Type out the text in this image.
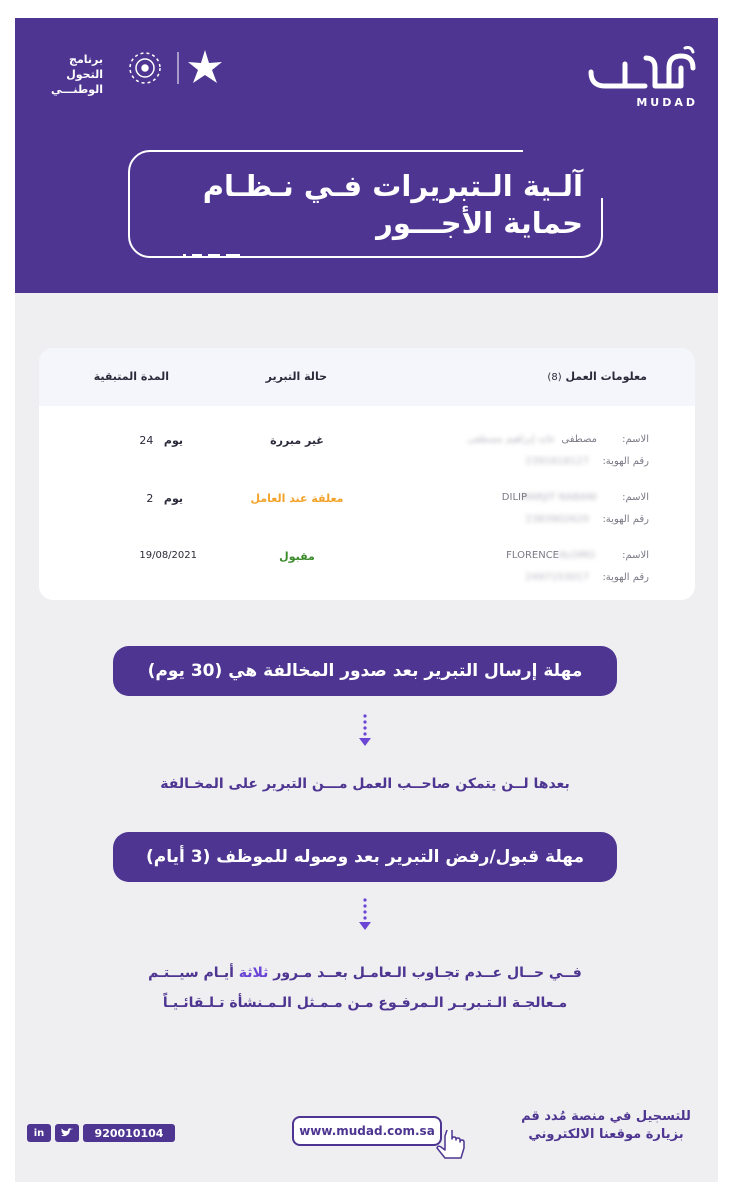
MUDAD
برنامج التحول
الوطنـــي
آلـية الـتبريرات فـي نـظـام حماية الأجـــور
معلومات العمل (8)
حالة التبرير
المدة المتبقية
الاسم:
مصطفى
عابد إبراهيم مصطفى
رقم الهوية:
2391618127
غير مبررة
يوم   24
الاسم:
MARJIT NABANI
DILIP
رقم الهوية:
2383902620
معلقة عند العامل
يوم   2
الاسم:
ALOMO
FLORENCE
رقم الهوية:
2497153017
مقبول
19/08/2021
مهلة إرسال التبرير بعد صدور المخالفة هي (30 يوم)
بعدها لــن يتمكن صاحــب العمل مـــن التبرير على المخـالفة
مهلة قبول/رفض التبرير بعد وصوله للموظف (3 أيام)
فــي حــال عــدم تجـاوب الـعامـل بعــد مـرور ثلاثة أيـام سيــتـم
مـعالجـة الـتـبريـر الـمرفـوع مـن مـمـثل الـمـنشأة تـلـقائـيـاً
للتسجيل في منصة مُدد قم
بزيارة موقعنا الالكتروني
www.mudad.com.sa
in	920010104
